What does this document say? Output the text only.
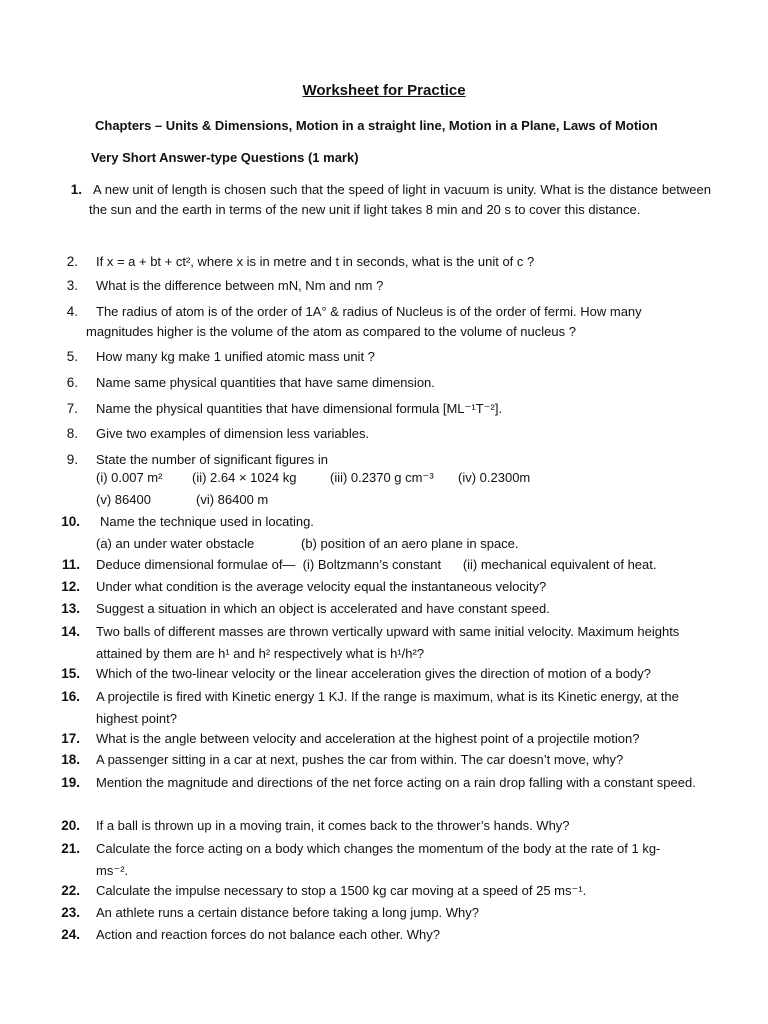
Worksheet for Practice
Chapters – Units & Dimensions, Motion in a straight line, Motion in a Plane, Laws of Motion
Very Short Answer-type Questions (1 mark)
1. A new unit of length is chosen such that the speed of light in vacuum is unity. What is the distance between the sun and the earth in terms of the new unit if light takes 8 min and 20 s to cover this distance.
2. If x = a + bt + ct², where x is in metre and t in seconds, what is the unit of c ?
3. What is the difference between mN, Nm and nm ?
4.	The radius of atom is of the order of 1A° & radius of Nucleus is of the order of fermi. How many magnitudes higher is the volume of the atom as compared to the volume of nucleus ?
5. How many kg make 1 unified atomic mass unit ?
6. Name same physical quantities that have same dimension.
7. Name the physical quantities that have dimensional formula [ML⁻¹T⁻²].
8. Give two examples of dimension less variables.
9. State the number of significant figures in
(i) 0.007 m² (ii) 2.64 × 1024 kg	(iii) 0.2370 g cm⁻³ (iv) 0.2300m
(v) 86400	(vi) 86400 m
10. Name the technique used in locating.
(a) an under water obstacle	(b) position of an aero plane in space.
11. Deduce dimensional formulae of—  (i) Boltzmann’s constant      (ii) mechanical equivalent of heat.
12. Under what condition is the average velocity equal the instantaneous velocity?
13. Suggest a situation in which an object is accelerated and have constant speed.
14. Two balls of different masses are thrown vertically upward with same initial velocity. Maximum heights attained by them are h¹ and h² respectively what is h¹/h²?
15. Which of the two-linear velocity or the linear acceleration gives the direction of motion of a body?
16. A projectile is fired with Kinetic energy 1 KJ. If the range is maximum, what is its Kinetic energy, at the highest point?
17. What is the angle between velocity and acceleration at the highest point of a projectile motion?
18. A passenger sitting in a car at next, pushes the car from within. The car doesn’t move, why?
19. Mention the magnitude and directions of the net force acting on a rain drop falling with a constant speed.
20. If a ball is thrown up in a moving train, it comes back to the thrower’s hands. Why?
21. Calculate the force acting on a body which changes the momentum of the body at the rate of 1 kg-ms⁻².
22. Calculate the impulse necessary to stop a 1500 kg car moving at a speed of 25 ms⁻¹.
23. An athlete runs a certain distance before taking a long jump. Why?
24. Action and reaction forces do not balance each other. Why?
